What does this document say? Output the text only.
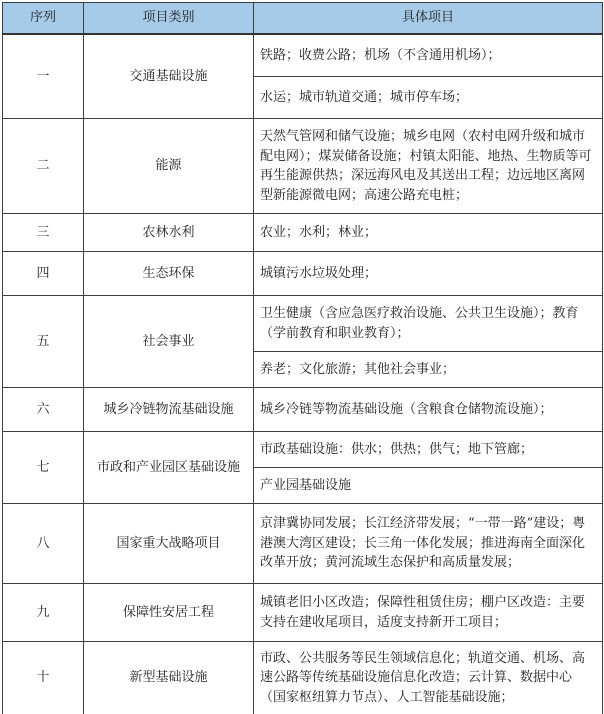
序列	项目类别	具体项目
一	交通基础设施	铁路；收费公路；机场（不含通用机场）；
		水运；城市轨道交通；城市停车场；
二	能源	天然气管网和储气设施；城乡电网（农村电网升级和城市配电网）；煤炭储备设施；村镇太阳能、地热、生物质等可再生能源供热；深远海风电及其送出工程；边远地区离网型新能源微电网；高速公路充电桩；
三	农林水利	农业；水利；林业；
四	生态环保	城镇污水垃圾处理；
五	社会事业	卫生健康（含应急医疗救治设施、公共卫生设施）；教育（学前教育和职业教育）；
		养老；文化旅游；其他社会事业；
六	城乡冷链物流基础设施	城乡冷链等物流基础设施（含粮食仓储物流设施）；
七	市政和产业园区基础设施	市政基础设施：供水；供热；供气；地下管廊；
		产业园基础设施
八	国家重大战略项目	京津冀协同发展；长江经济带发展；“一带一路”建设；粤港澳大湾区建设；长三角一体化发展；推进海南全面深化改革开放；黄河流域生态保护和高质量发展；
九	保障性安居工程	城镇老旧小区改造；保障性租赁住房；棚户区改造：主要支持在建收尾项目，适度支持新开工项目；
十	新型基础设施	市政、公共服务等民生领域信息化；轨道交通、机场、高速公路等传统基础设施信息化改造；云计算、数据中心（国家枢纽算力节点）、人工智能基础设施；
